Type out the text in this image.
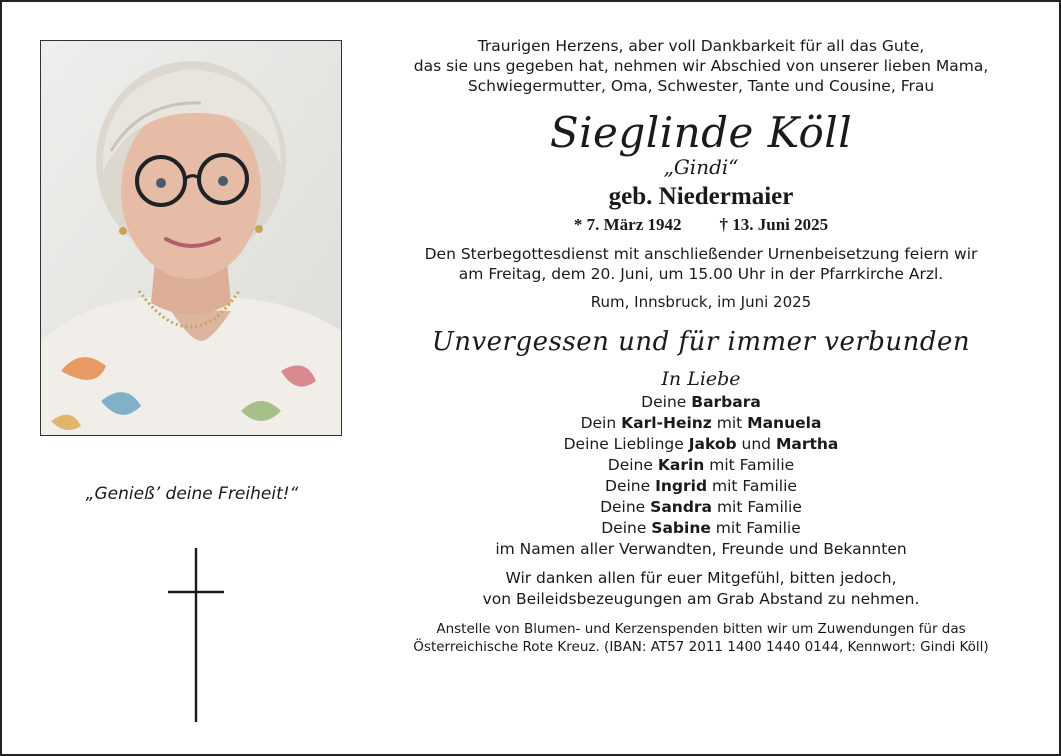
„Genieß’ deine Freiheit!“
Traurigen Herzens, aber voll Dankbarkeit für all das Gute,
das sie uns gegeben hat, nehmen wir Abschied von unserer lieben Mama,
Schwiegermutter, Oma, Schwester, Tante und Cousine, Frau
Sieglinde Köll
„Gindi“
geb. Niedermaier
* 7. März 1942 † 13. Juni 2025
Den Sterbegottesdienst mit anschließender Urnenbeisetzung feiern wir
am Freitag, dem 20. Juni, um 15.00 Uhr in der Pfarrkirche Arzl.
Rum, Innsbruck, im Juni 2025
Unvergessen und für immer verbunden
In Liebe
Deine Barbara
Dein Karl-Heinz mit Manuela
Deine Lieblinge Jakob und Martha
Deine Karin mit Familie
Deine Ingrid mit Familie
Deine Sandra mit Familie
Deine Sabine mit Familie
im Namen aller Verwandten, Freunde und Bekannten
Wir danken allen für euer Mitgefühl, bitten jedoch,
von Beileidsbezeugungen am Grab Abstand zu nehmen.
Anstelle von Blumen- und Kerzenspenden bitten wir um Zuwendungen für das
Österreichische Rote Kreuz. (IBAN: AT57 2011 1400 1440 0144, Kennwort: Gindi Köll)
